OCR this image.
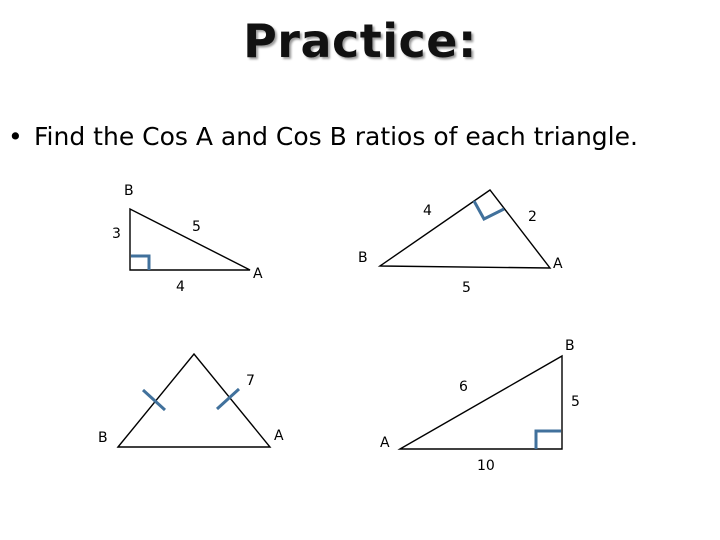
Practice:
• Find the Cos A and Cos B ratios of each triangle.
B
A
3	5
4
B	A
4	2
5
B	A
7
B
A
6
5
10
